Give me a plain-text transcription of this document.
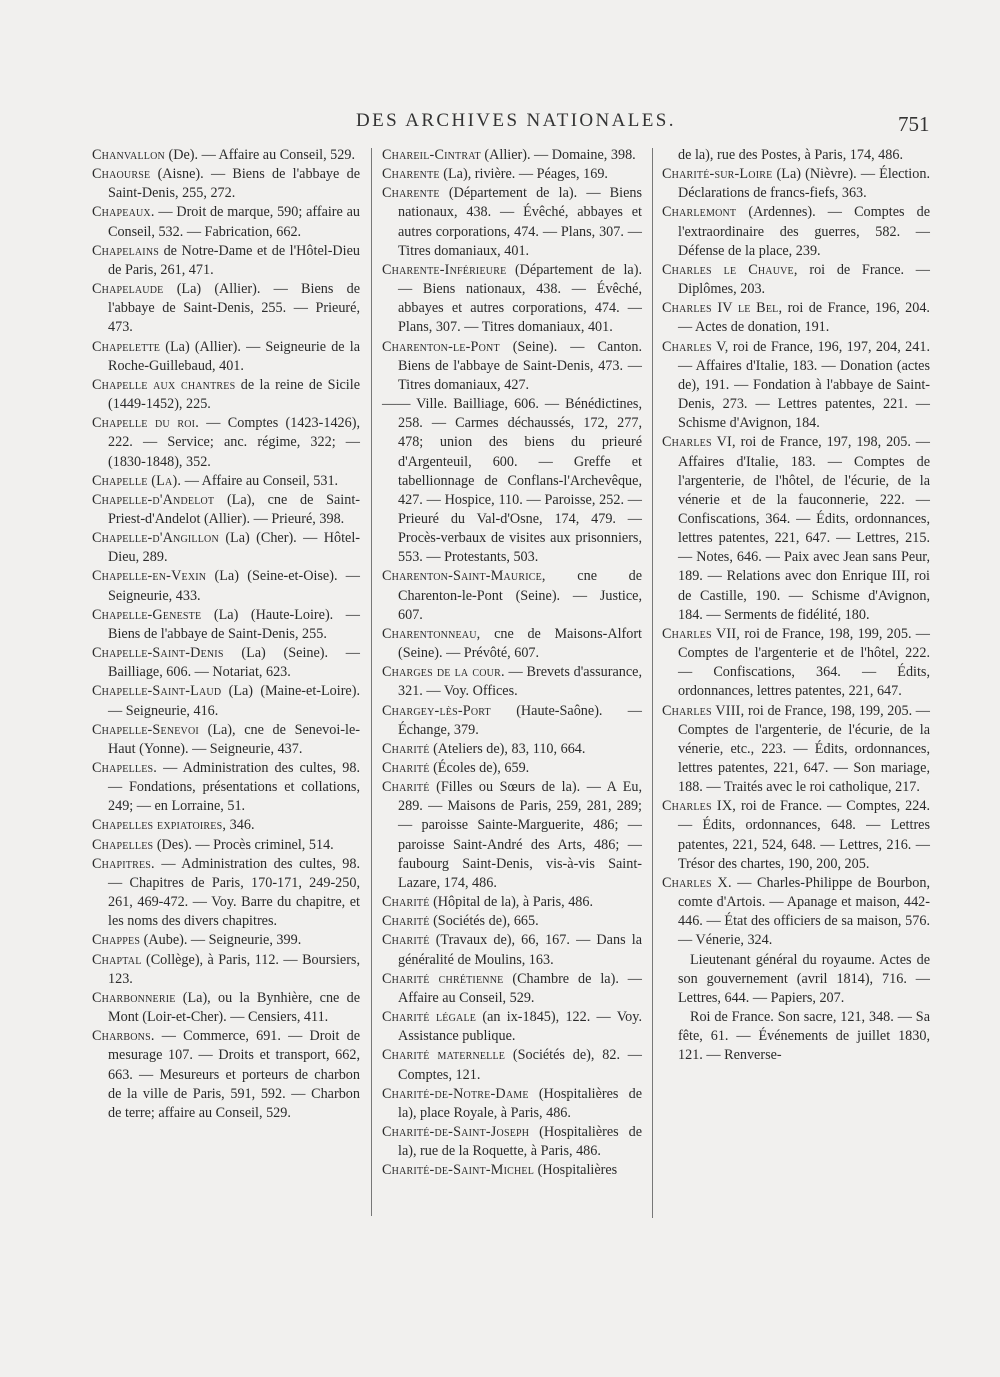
DES ARCHIVES NATIONALES.	751

Chanvallon (De). — Affaire au Conseil, 529.

Chaourse (Aisne). — Biens de l'abbaye de Saint-Denis, 255, 272.

Chapeaux. — Droit de marque, 590; affaire au Conseil, 532. — Fabrication, 662.

Chapelains de Notre-Dame et de l'Hôtel-Dieu de Paris, 261, 471.

Chapelaude (La) (Allier). — Biens de l'abbaye de Saint-Denis, 255. — Prieuré, 473.

Chapelette (La) (Allier). — Seigneurie de la Roche-Guillebaud, 401.

Chapelle aux chantres de la reine de Sicile (1449-1452), 225.

Chapelle du roi. — Comptes (1423-1426), 222. — Service; anc. régime, 322; — (1830-1848), 352.

Chapelle (La). — Affaire au Conseil, 531.

Chapelle-d'Andelot (La), cne de Saint-Priest-d'Andelot (Allier). — Prieuré, 398.

Chapelle-d'Angillon (La) (Cher). — Hôtel-Dieu, 289.

Chapelle-en-Vexin (La) (Seine-et-Oise). — Seigneurie, 433.

Chapelle-Geneste (La) (Haute-Loire). — Biens de l'abbaye de Saint-Denis, 255.

Chapelle-Saint-Denis (La) (Seine). — Bailliage, 606. — Notariat, 623.

Chapelle-Saint-Laud (La) (Maine-et-Loire). — Seigneurie, 416.

Chapelle-Senevoi (La), cne de Senevoi-le-Haut (Yonne). — Seigneurie, 437.

Chapelles. — Administration des cultes, 98. — Fondations, présentations et collations, 249; — en Lorraine, 51.

Chapelles expiatoires, 346.

Chapelles (Des). — Procès criminel, 514.

Chapitres. — Administration des cultes, 98. — Chapitres de Paris, 170-171, 249-250, 261, 469-472. — Voy. Barre du chapitre, et les noms des divers chapitres.

Chappes (Aube). — Seigneurie, 399.

Chaptal (Collège), à Paris, 112. — Boursiers, 123.

Charbonnerie (La), ou la Bynhière, cne de Mont (Loir-et-Cher). — Censiers, 411.

Charbons. — Commerce, 691. — Droit de mesurage 107. — Droits et transport, 662, 663. — Mesureurs et porteurs de charbon de la ville de Paris, 591, 592. — Charbon de terre; affaire au Conseil, 529.

Chareil-Cintrat (Allier). — Domaine, 398.

Charente (La), rivière. — Péages, 169.

Charente (Département de la). — Biens nationaux, 438. — Évêché, abbayes et autres corporations, 474. — Plans, 307. — Titres domaniaux, 401.

Charente-Inférieure (Département de la). — Biens nationaux, 438. — Évêché, abbayes et autres corporations, 474. — Plans, 307. — Titres domaniaux, 401.

Charenton-le-Pont (Seine). — Canton. Biens de l'abbaye de Saint-Denis, 473. — Titres domaniaux, 427.

—— Ville. Bailliage, 606. — Bénédictines, 258. — Carmes déchaussés, 172, 277, 478; union des biens du prieuré d'Argenteuil, 600. — Greffe et tabellionnage de Conflans-l'Archevêque, 427. — Hospice, 110. — Paroisse, 252. — Prieuré du Val-d'Osne, 174, 479. — Procès-verbaux de visites aux prisonniers, 553. — Protestants, 503.

Charenton-Saint-Maurice, cne de Charenton-le-Pont (Seine). — Justice, 607.

Charentonneau, cne de Maisons-Alfort (Seine). — Prévôté, 607.

Charges de la cour. — Brevets d'assurance, 321. — Voy. Offices.

Chargey-lès-Port (Haute-Saône). — Échange, 379.

Charité (Ateliers de), 83, 110, 664.

Charité (Écoles de), 659.

Charité (Filles ou Sœurs de la). — A Eu, 289. — Maisons de Paris, 259, 281, 289; — paroisse Sainte-Marguerite, 486; — paroisse Saint-André des Arts, 486; — faubourg Saint-Denis, vis-à-vis Saint-Lazare, 174, 486.

Charité (Hôpital de la), à Paris, 486.

Charité (Sociétés de), 665.

Charité (Travaux de), 66, 167. — Dans la généralité de Moulins, 163.

Charité chrétienne (Chambre de la). — Affaire au Conseil, 529.

Charité légale (an ix-1845), 122. — Voy. Assistance publique.

Charité maternelle (Sociétés de), 82. — Comptes, 121.

Charité-de-Notre-Dame (Hospitalières de la), place Royale, à Paris, 486.

Charité-de-Saint-Joseph (Hospitalières de la), rue de la Roquette, à Paris, 486.

Charité-de-Saint-Michel (Hospitalières

de la), rue des Postes, à Paris, 174, 486.

Charité-sur-Loire (La) (Nièvre). — Élection. Déclarations de francs-fiefs, 363.

Charlemont (Ardennes). — Comptes de l'extraordinaire des guerres, 582. — Défense de la place, 239.

Charles le Chauve, roi de France. — Diplômes, 203.

Charles IV le Bel, roi de France, 196, 204. — Actes de donation, 191.

Charles V, roi de France, 196, 197, 204, 241. — Affaires d'Italie, 183. — Donation (actes de), 191. — Fondation à l'abbaye de Saint-Denis, 273. — Lettres patentes, 221. — Schisme d'Avignon, 184.

Charles VI, roi de France, 197, 198, 205. — Affaires d'Italie, 183. — Comptes de l'argenterie, de l'hôtel, de l'écurie, de la vénerie et de la fauconnerie, 222. — Confiscations, 364. — Édits, ordonnances, lettres patentes, 221, 647. — Lettres, 215. — Notes, 646. — Paix avec Jean sans Peur, 189. — Relations avec don Enrique III, roi de Castille, 190. — Schisme d'Avignon, 184. — Serments de fidélité, 180.

Charles VII, roi de France, 198, 199, 205. — Comptes de l'argenterie et de l'hôtel, 222. — Confiscations, 364. — Édits, ordonnances, lettres patentes, 221, 647.

Charles VIII, roi de France, 198, 199, 205. — Comptes de l'argenterie, de l'écurie, de la vénerie, etc., 223. — Édits, ordonnances, lettres patentes, 221, 647. — Son mariage, 188. — Traités avec le roi catholique, 217.

Charles IX, roi de France. — Comptes, 224. — Édits, ordonnances, 648. — Lettres patentes, 221, 524, 648. — Lettres, 216. — Trésor des chartes, 190, 200, 205.

Charles X. — Charles-Philippe de Bourbon, comte d'Artois. — Apanage et maison, 442-446. — État des officiers de sa maison, 576. — Vénerie, 324.

Lieutenant général du royaume. Actes de son gouvernement (avril 1814), 716. — Lettres, 644. — Papiers, 207.

Roi de France. Son sacre, 121, 348. — Sa fête, 61. — Événements de juillet 1830, 121. — Renverse-
